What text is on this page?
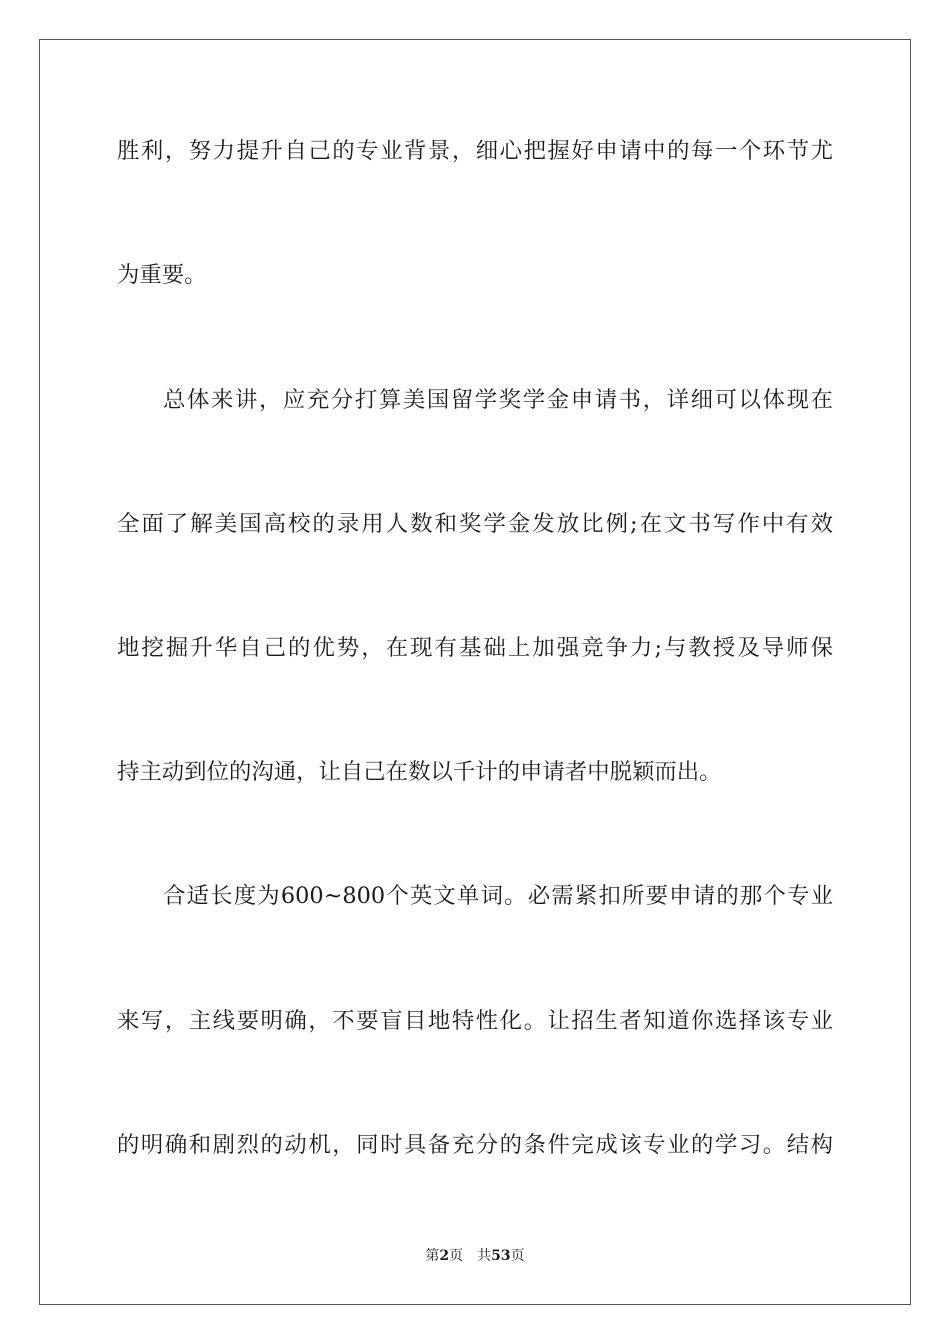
胜利，努力提升自己的专业背景，细心把握好申请中的每一个环节尤
为重要。
总体来讲，应充分打算美国留学奖学金申请书，详细可以体现在
全面了解美国高校的录用人数和奖学金发放比例;在文书写作中有效
地挖掘升华自己的优势，在现有基础上加强竞争力;与教授及导师保
持主动到位的沟通，让自己在数以千计的申请者中脱颖而出。
合适长度为600~800个英文单词。必需紧扣所要申请的那个专业
来写，主线要明确，不要盲目地特性化。让招生者知道你选择该专业
的明确和剧烈的动机，同时具备充分的条件完成该专业的学习。结构
第2页 共53页
